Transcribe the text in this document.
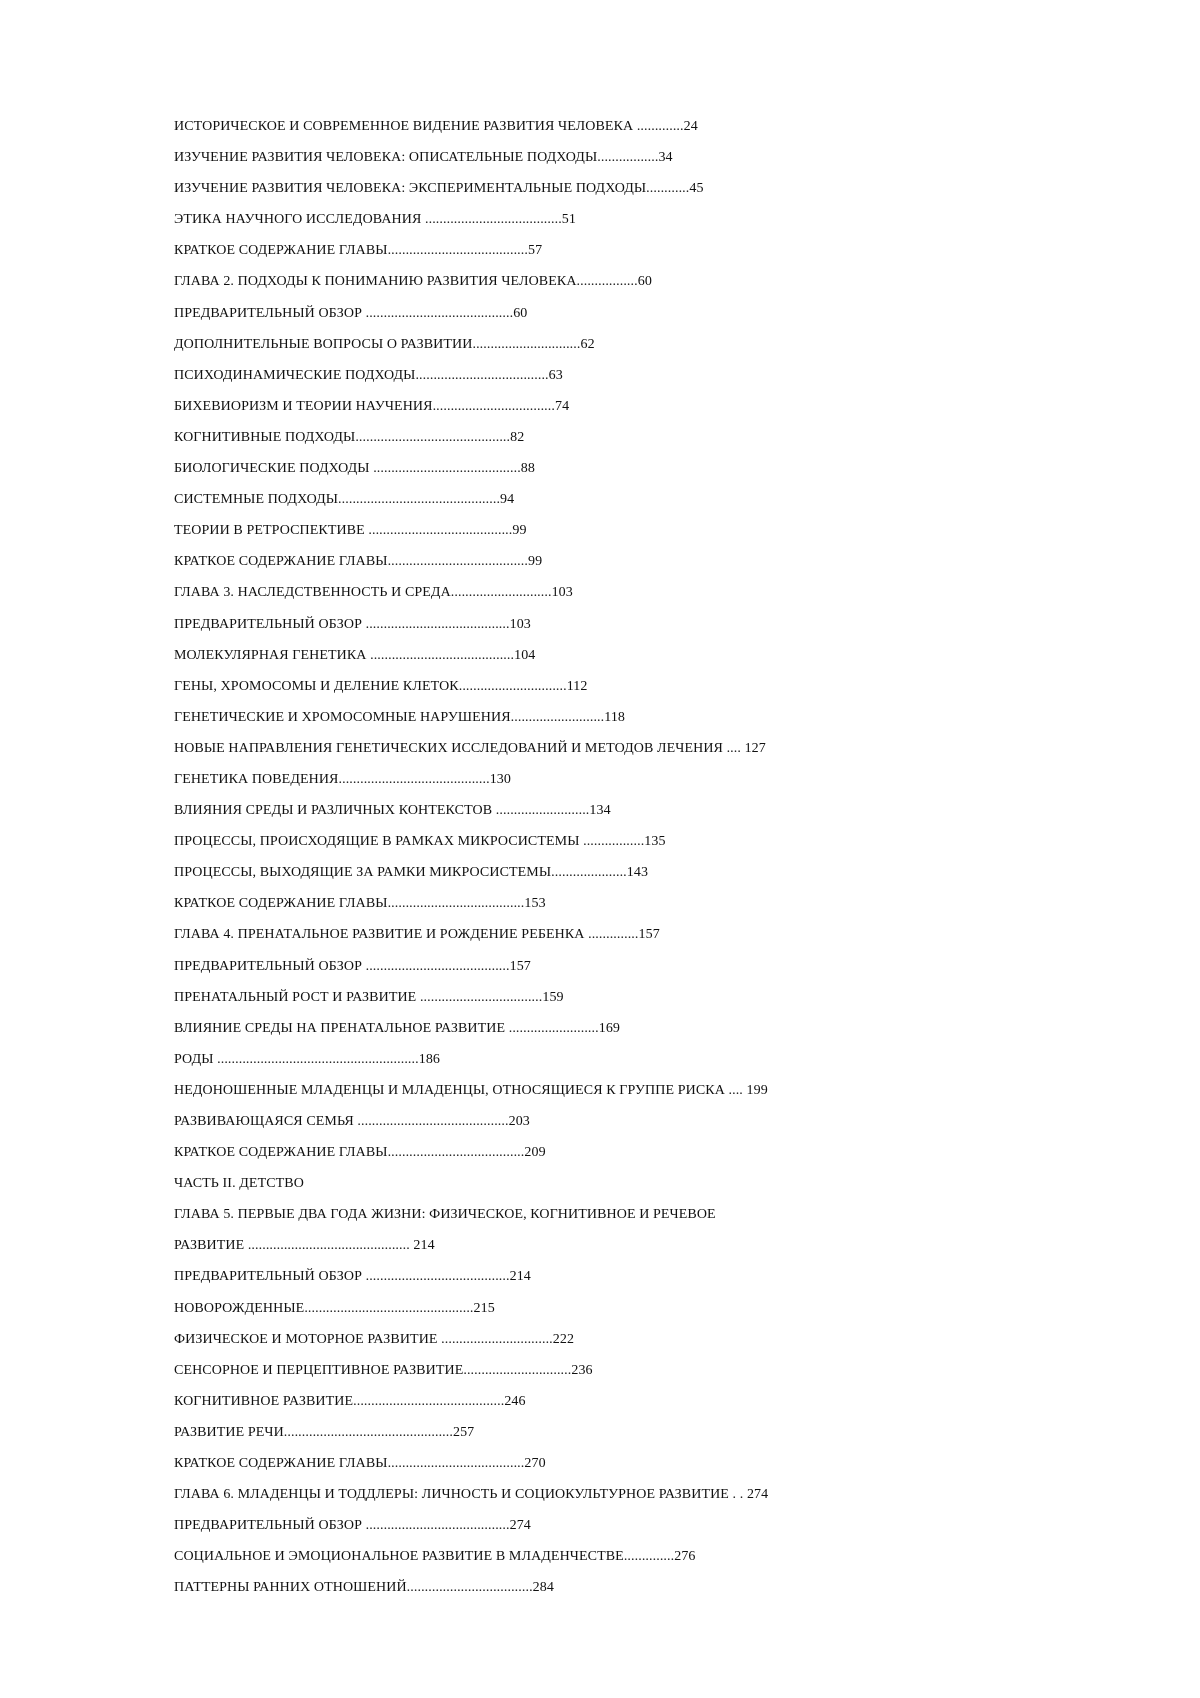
ИСТОРИЧЕСКОЕ И СОВРЕМЕННОЕ ВИДЕНИЕ РАЗВИТИЯ ЧЕЛОВЕКА .............24
ИЗУЧЕНИЕ РАЗВИТИЯ ЧЕЛОВЕКА: ОПИСАТЕЛЬНЫЕ ПОДХОДЫ.................34
ИЗУЧЕНИЕ РАЗВИТИЯ ЧЕЛОВЕКА: ЭКСПЕРИМЕНТАЛЬНЫЕ ПОДХОДЫ............45
ЭТИКА НАУЧНОГО ИССЛЕДОВАНИЯ ......................................51
КРАТКОЕ СОДЕРЖАНИЕ ГЛАВЫ.......................................57
ГЛАВА 2. ПОДХОДЫ К ПОНИМАНИЮ РАЗВИТИЯ ЧЕЛОВЕКА.................60
ПРЕДВАРИТЕЛЬНЫЙ ОБЗОР .........................................60
ДОПОЛНИТЕЛЬНЫЕ ВОПРОСЫ О РАЗВИТИИ..............................62
ПСИХОДИНАМИЧЕСКИЕ ПОДХОДЫ.....................................63
БИХЕВИОРИЗМ И ТЕОРИИ НАУЧЕНИЯ..................................74
КОГНИТИВНЫЕ ПОДХОДЫ...........................................82
БИОЛОГИЧЕСКИЕ ПОДХОДЫ .........................................88
СИСТЕМНЫЕ ПОДХОДЫ.............................................94
ТЕОРИИ В РЕТРОСПЕКТИВЕ ........................................99
КРАТКОЕ СОДЕРЖАНИЕ ГЛАВЫ.......................................99
ГЛАВА 3. НАСЛЕДСТВЕННОСТЬ И СРЕДА............................103
ПРЕДВАРИТЕЛЬНЫЙ ОБЗОР ........................................103
МОЛЕКУЛЯРНАЯ ГЕНЕТИКА ........................................104
ГЕНЫ, ХРОМОСОМЫ И ДЕЛЕНИЕ КЛЕТОК..............................112
ГЕНЕТИЧЕСКИЕ И ХРОМОСОМНЫЕ НАРУШЕНИЯ..........................118
НОВЫЕ НАПРАВЛЕНИЯ ГЕНЕТИЧЕСКИХ ИССЛЕДОВАНИЙ И МЕТОДОВ ЛЕЧЕНИЯ .... 127
ГЕНЕТИКА ПОВЕДЕНИЯ..........................................130
ВЛИЯНИЯ СРЕДЫ И РАЗЛИЧНЫХ КОНТЕКСТОВ ..........................134
ПРОЦЕССЫ, ПРОИСХОДЯЩИЕ В РАМКАХ МИКРОСИСТЕМЫ .................135
ПРОЦЕССЫ, ВЫХОДЯЩИЕ ЗА РАМКИ МИКРОСИСТЕМЫ.....................143
КРАТКОЕ СОДЕРЖАНИЕ ГЛАВЫ......................................153
ГЛАВА 4. ПРЕНАТАЛЬНОЕ РАЗВИТИЕ И РОЖДЕНИЕ РЕБЕНКА ..............157
ПРЕДВАРИТЕЛЬНЫЙ ОБЗОР ........................................157
ПРЕНАТАЛЬНЫЙ РОСТ И РАЗВИТИЕ ..................................159
ВЛИЯНИЕ СРЕДЫ НА ПРЕНАТАЛЬНОЕ РАЗВИТИЕ .........................169
РОДЫ ........................................................186
НЕДОНОШЕННЫЕ МЛАДЕНЦЫ И МЛАДЕНЦЫ, ОТНОСЯЩИЕСЯ К ГРУППЕ РИСКА .... 199
РАЗВИВАЮЩАЯСЯ СЕМЬЯ ..........................................203
КРАТКОЕ СОДЕРЖАНИЕ ГЛАВЫ......................................209
ЧАСТЬ II. ДЕТСТВО
ГЛАВА 5. ПЕРВЫЕ ДВА ГОДА ЖИЗНИ: ФИЗИЧЕСКОЕ, КОГНИТИВНОЕ И РЕЧЕВОЕ
РАЗВИТИЕ ............................................. 214
ПРЕДВАРИТЕЛЬНЫЙ ОБЗОР ........................................214
НОВОРОЖДЕННЫЕ...............................................215
ФИЗИЧЕСКОЕ И МОТОРНОЕ РАЗВИТИЕ ...............................222
СЕНСОРНОЕ И ПЕРЦЕПТИВНОЕ РАЗВИТИЕ..............................236
КОГНИТИВНОЕ РАЗВИТИЕ..........................................246
РАЗВИТИЕ РЕЧИ...............................................257
КРАТКОЕ СОДЕРЖАНИЕ ГЛАВЫ......................................270
ГЛАВА 6. МЛАДЕНЦЫ И ТОДДЛЕРЫ: ЛИЧНОСТЬ И СОЦИОКУЛЬТУРНОЕ РАЗВИТИЕ . . 274
ПРЕДВАРИТЕЛЬНЫЙ ОБЗОР ........................................274
СОЦИАЛЬНОЕ И ЭМОЦИОНАЛЬНОЕ РАЗВИТИЕ В МЛАДЕНЧЕСТВЕ..............276
ПАТТЕРНЫ РАННИХ ОТНОШЕНИЙ...................................284
